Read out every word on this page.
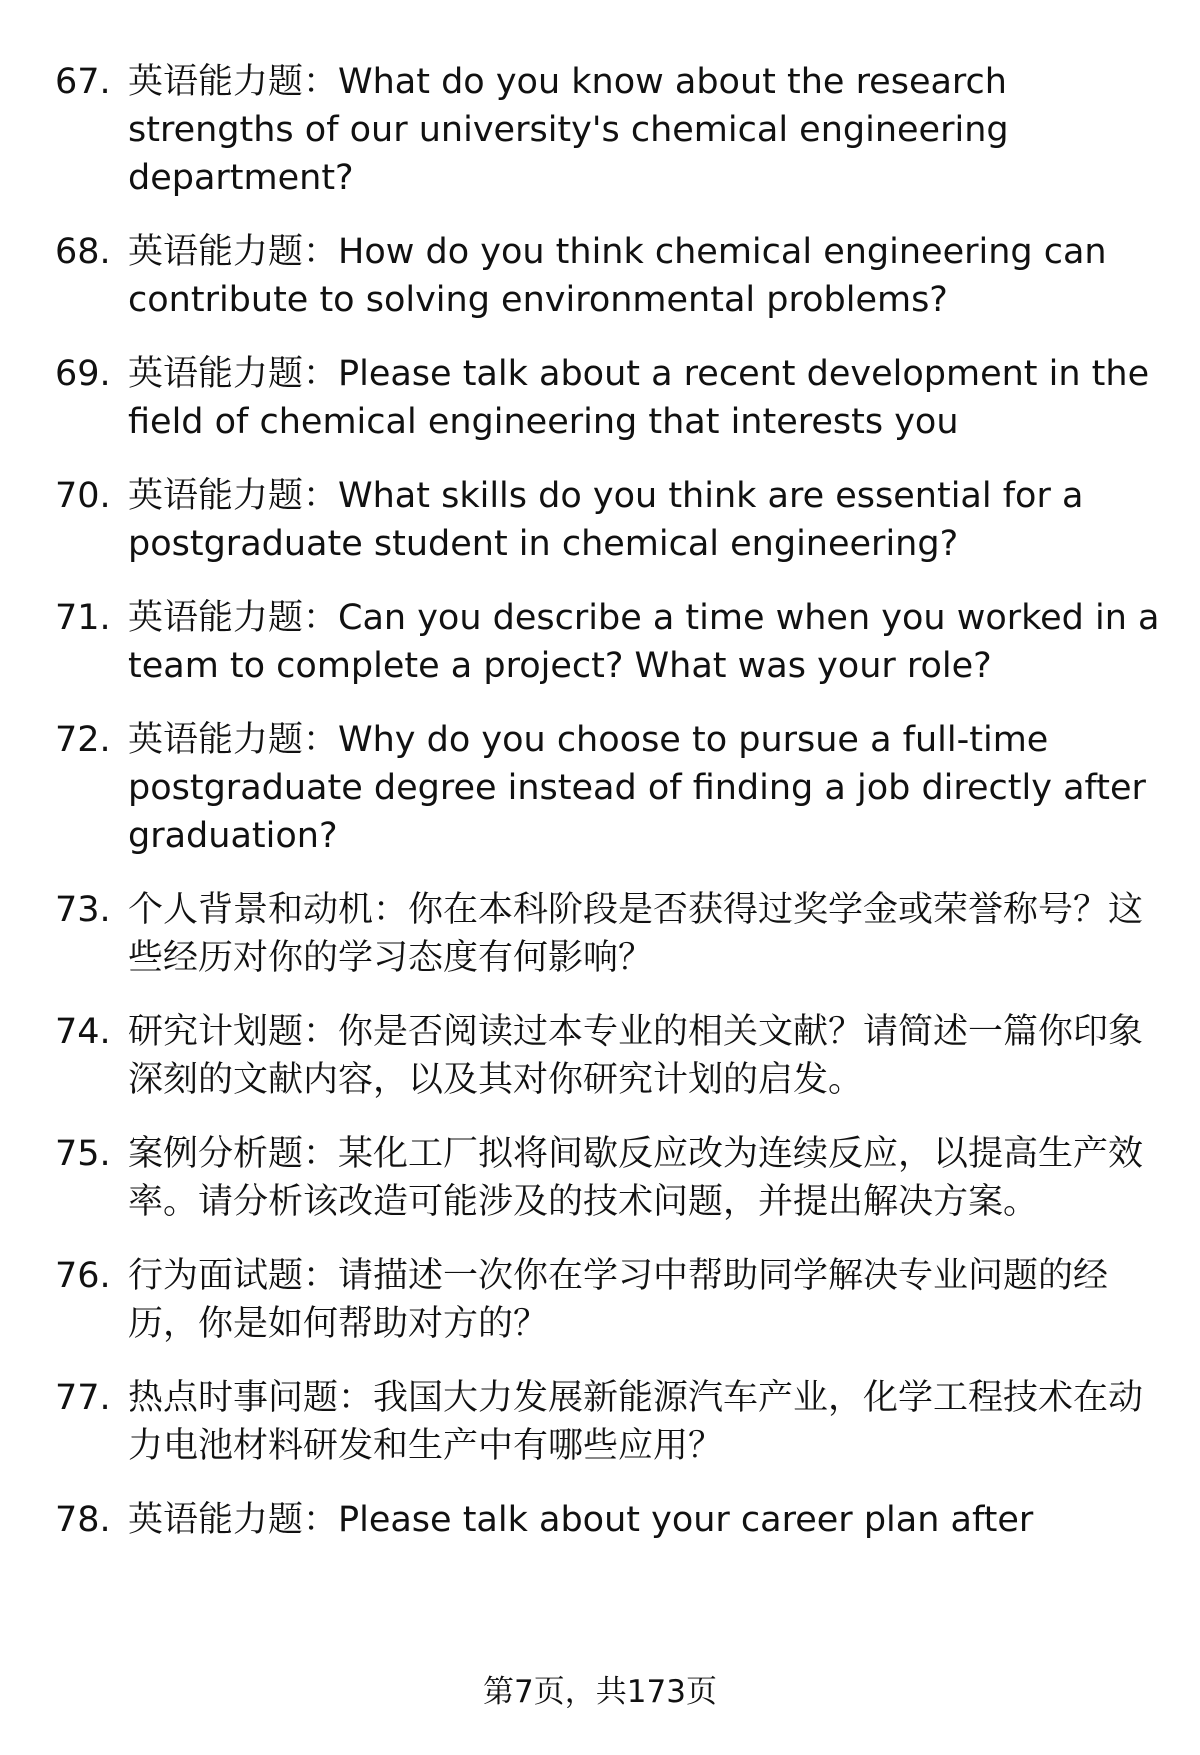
67. 英语能力题：What do you know about the research strengths of our university's chemical engineering department?
68. 英语能力题：How do you think chemical engineering can contribute to solving environmental problems?
69. 英语能力题：Please talk about a recent development in the field of chemical engineering that interests you
70. 英语能力题：What skills do you think are essential for a postgraduate student in chemical engineering?
71. 英语能力题：Can you describe a time when you worked in a team to complete a project? What was your role?
72. 英语能力题：Why do you choose to pursue a full-time postgraduate degree instead of finding a job directly after graduation?
73. 个人背景和动机：你在本科阶段是否获得过奖学金或荣誉称号？这些经历对你的学习态度有何影响？
74. 研究计划题：你是否阅读过本专业的相关文献？请简述一篇你印象深刻的文献内容，以及其对你研究计划的启发。
75. 案例分析题：某化工厂拟将间歇反应改为连续反应，以提高生产效率。请分析该改造可能涉及的技术问题，并提出解决方案。
76. 行为面试题：请描述一次你在学习中帮助同学解决专业问题的经历，你是如何帮助对方的？
77. 热点时事问题：我国大力发展新能源汽车产业，化学工程技术在动力电池材料研发和生产中有哪些应用？
78. 英语能力题：Please talk about your career plan after
第7页，共173页
